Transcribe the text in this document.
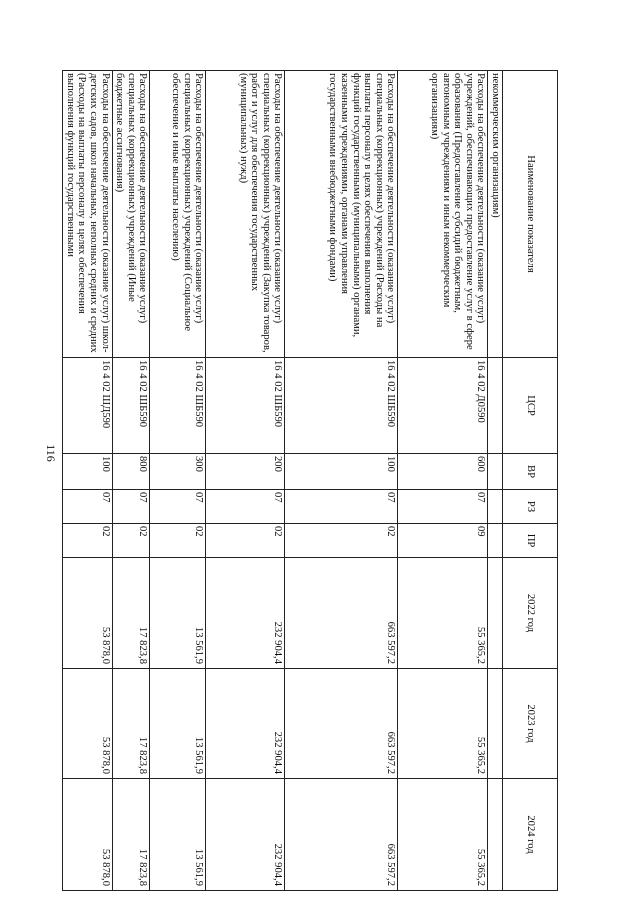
116
Наименование показателя	ЦСР	ВР	РЗ	ПР	2022 год	2023 год	2024 год
некоммерческим организациям)							
Расходы на обеспечение деятельности (оказание услуг) учреждений, обеспечивающих предоставление услуг в сфере образования (Предоставление субсидий бюджетным, автономным учреждениям и иным некоммерческим организациям)	16 4 02 Д0590	600	07	09	55 365,2	55 365,2	55 365,2
Расходы на обеспечение деятельности (оказание услуг) специальных (коррекционных) учреждений (Расходы на выплаты персоналу в целях обеспечения выполнения функций государственными (муниципальными) органами, казенными учреждениями, органами управления государственными внебюджетными фондами)	16 4 02 ШБ590	100	07	02	663 597,2	663 597,2	663 597,2
Расходы на обеспечение деятельности (оказание услуг) специальных (коррекционных) учреждений (Закупка товаров, работ и услуг для обеспечения государственных (муниципальных) нужд)	16 4 02 ШБ590	200	07	02	232 904,4	232 904,4	232 904,4
Расходы на обеспечение деятельности (оказание услуг) специальных (коррекционных) учреждений (Социальное обеспечение и иные выплаты населению)	16 4 02 ШБ590	300	07	02	13 561,9	13 561,9	13 561,9
Расходы на обеспечение деятельности (оказание услуг) специальных (коррекционных) учреждений (Иные бюджетные ассигнования)	16 4 02 ШБ590	800	07	02	17 823,8	17 823,8	17 823,8
Расходы на обеспечение деятельности (оказание услуг) школ-детских садов, школ начальных, неполных средних и средних (Расходы на выплаты персоналу в целях обеспечения выполнения функций государственными	16 4 02 ШД590	100	07	02	53 878,0	53 878,0	53 878,0
